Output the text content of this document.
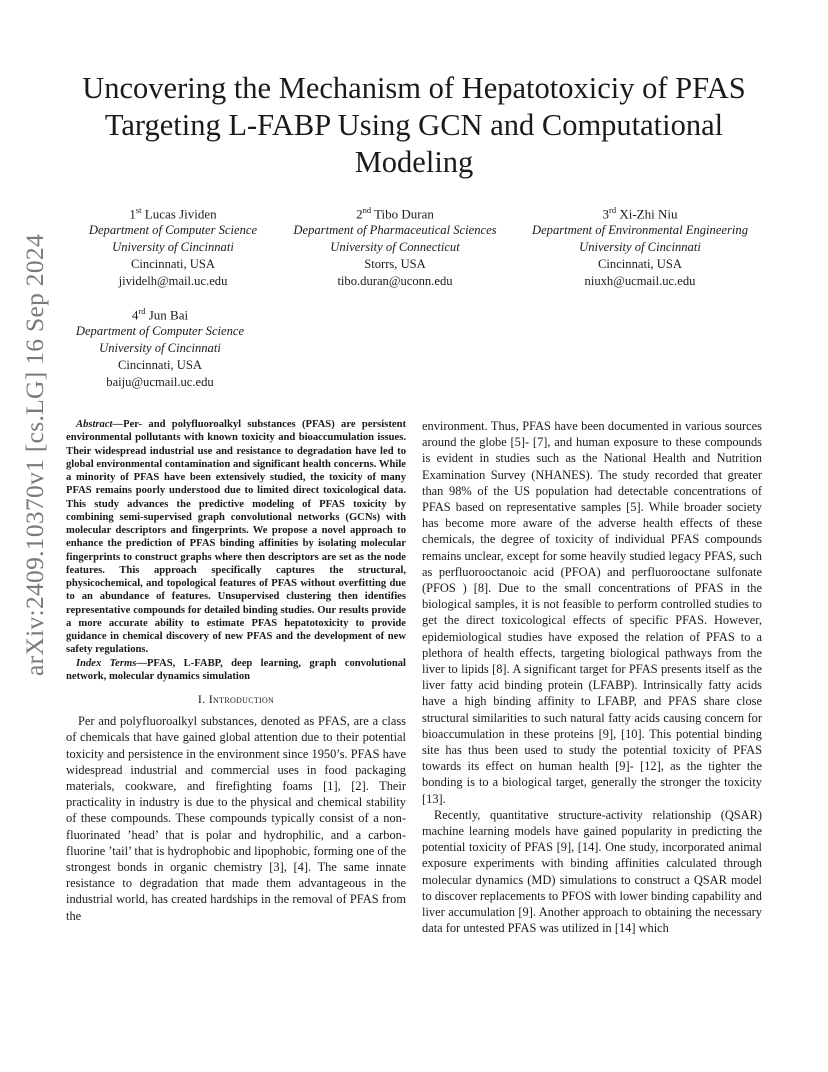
arXiv:2409.10370v1 [cs.LG] 16 Sep 2024
Uncovering the Mechanism of Hepatotoxiciy of PFAS Targeting L-FABP Using GCN and Computational Modeling
1st Lucas Jividen
Department of Computer Science
University of Cincinnati
Cincinnati, USA
jividelh@mail.uc.edu
2nd Tibo Duran
Department of Pharmaceutical Sciences
University of Connecticut
Storrs, USA
tibo.duran@uconn.edu
3rd Xi-Zhi Niu
Department of Environmental Engineering
University of Cincinnati
Cincinnati, USA
niuxh@ucmail.uc.edu
4rd Jun Bai
Department of Computer Science
University of Cincinnati
Cincinnati, USA
baiju@ucmail.uc.edu

Abstract—Per- and polyfluoroalkyl substances (PFAS) are persistent environmental pollutants with known toxicity and bioaccumulation issues. Their widespread industrial use and resistance to degradation have led to global environmental contamination and significant health concerns. While a minority of PFAS have been extensively studied, the toxicity of many PFAS remains poorly understood due to limited direct toxicological data. This study advances the predictive modeling of PFAS toxicity by combining semi-supervised graph convolutional networks (GCNs) with molecular descriptors and fingerprints. We propose a novel approach to enhance the prediction of PFAS binding affinities by isolating molecular fingerprints to construct graphs where then descriptors are set as the node features. This approach specifically captures the structural, physicochemical, and topological features of PFAS without overfitting due to an abundance of features. Unsupervised clustering then identifies representative compounds for detailed binding studies. Our results provide a more accurate ability to estimate PFAS hepatotoxicity to provide guidance in chemical discovery of new PFAS and the development of new safety regulations.

Index Terms—PFAS, L-FABP, deep learning, graph convolutional network, molecular dynamics simulation

I. Introduction

Per and polyfluoroalkyl substances, denoted as PFAS, are a class of chemicals that have gained global attention due to their potential toxicity and persistence in the environment since 1950’s. PFAS have widespread industrial and commercial uses in food packaging materials, cookware, and firefighting foams [1], [2]. Their practicality in industry is due to the physical and chemical stability of these compounds. These compounds typically consist of a non-fluorinated ’head’ that is polar and hydrophilic, and a carbon-fluorine ’tail’ that is hydrophobic and lipophobic, forming one of the strongest bonds in organic chemistry [3], [4]. The same innate resistance to degradation that made them advantageous in the industrial world, has created hardships in the removal of PFAS from the

environment. Thus, PFAS have been documented in various sources around the globe [5]- [7], and human exposure to these compounds is evident in studies such as the National Health and Nutrition Examination Survey (NHANES). The study recorded that greater than 98% of the US population had detectable concentrations of PFAS based on representative samples [5]. While broader society has become more aware of the adverse health effects of these chemicals, the degree of toxicity of individual PFAS compounds remains unclear, except for some heavily studied legacy PFAS, such as perfluorooctanoic acid (PFOA) and perfluorooctane sulfonate (PFOS ) [8]. Due to the small concentrations of PFAS in the biological samples, it is not feasible to perform controlled studies to get the direct toxicological effects of specific PFAS. However, epidemiological studies have exposed the relation of PFAS to a plethora of health effects, targeting biological pathways from the liver to lipids [8]. A significant target for PFAS presents itself as the liver fatty acid binding protein (LFABP). Intrinsically fatty acids have a high binding affinity to LFABP, and PFAS share close structural similarities to such natural fatty acids causing concern for bioaccumulation in these proteins [9], [10]. This potential binding site has thus been used to study the potential toxicity of PFAS towards its effect on human health [9]- [12], as the tighter the bonding is to a biological target, generally the stronger the toxicity [13].

Recently, quantitative structure-activity relationship (QSAR) machine learning models have gained popularity in predicting the potential toxicity of PFAS [9], [14]. One study, incorporated animal exposure experiments with binding affinities calculated through molecular dynamics (MD) simulations to construct a QSAR model to discover replacements to PFOS with lower binding capability and liver accumulation [9]. Another approach to obtaining the necessary data for untested PFAS was utilized in [14] which
